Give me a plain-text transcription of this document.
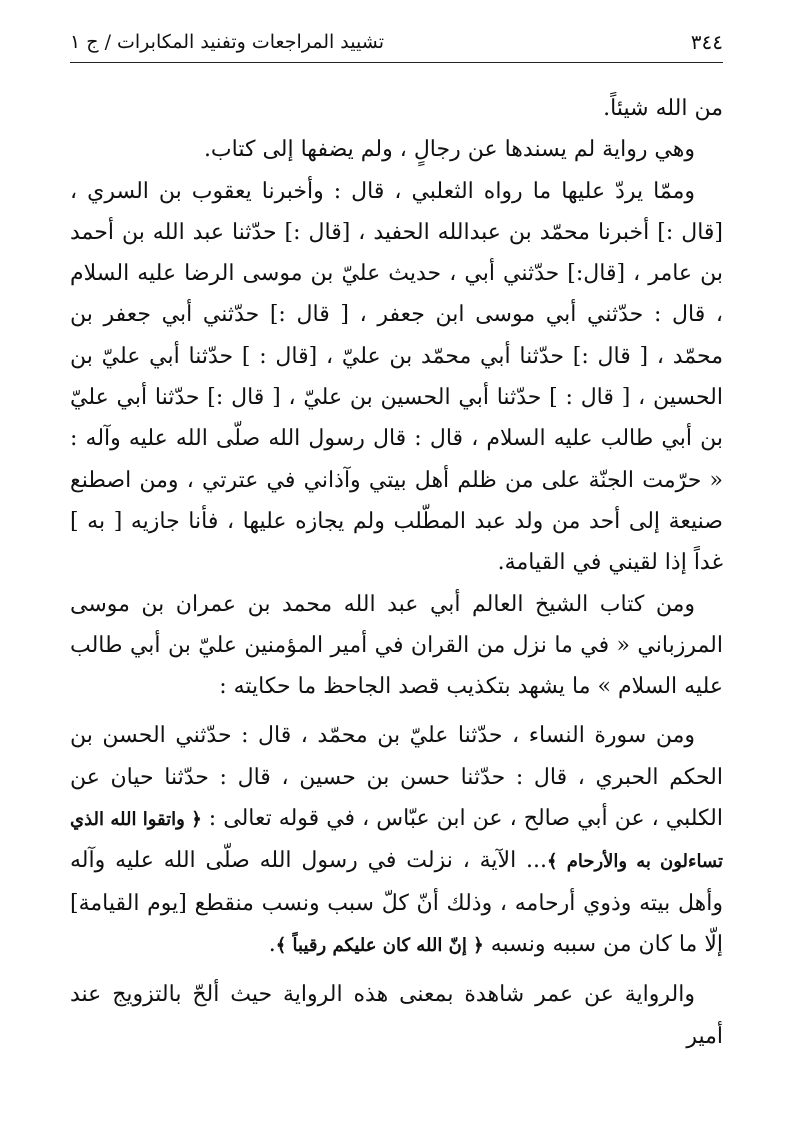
٣٤٤
تشييد المراجعات وتفنيد المكابرات / ج ١

من الله شيئاً.

وهي رواية لم يسندها عن رجالٍ ، ولم يضفها إلى كتاب.

وممّا يردّ عليها ما رواه الثعلبي ، قال : وأخبرنا يعقوب بن السري ، [قال :] أخبرنا محمّد بن عبدالله الحفيد ، [قال :] حدّثنا عبد الله بن أحمد بن عامر ، [قال:] حدّثني أبي ، حديث عليّ بن موسى الرضا عليه السلام ، قال : حدّثني أبي موسى ابن جعفر ، [ قال :] حدّثني أبي جعفر بن محمّد ، [ قال :] حدّثنا أبي محمّد بن عليّ ، [قال : ] حدّثنا أبي عليّ بن الحسين ، [ قال : ] حدّثنا أبي الحسين بن عليّ ، [ قال :] حدّثنا أبي عليّ بن أبي طالب عليه السلام ، قال : قال رسول الله صلّى الله عليه وآله : « حرّمت الجنّة على من ظلم أهل بيتي وآذاني في عترتي ، ومن اصطنع صنيعة إلى أحد من ولد عبد المطّلب ولم يجازه عليها ، فأنا جازيه [ به ] غداً إذا لقيني في القيامة.

ومن كتاب الشيخ العالم أبي عبد الله محمد بن عمران بن موسى المرزباني « في ما نزل من القران في أمير المؤمنين عليّ بن أبي طالب عليه السلام » ما يشهد بتكذيب قصد الجاحظ ما حكايته :

ومن سورة النساء ، حدّثنا عليّ بن محمّد ، قال : حدّثني الحسن بن الحكم الحبري ، قال : حدّثنا حسن بن حسين ، قال : حدّثنا حيان عن الكلبي ، عن أبي صالح ، عن ابن عبّاس ، في قوله تعالى : ﴿ واتقوا الله الذي تساءلون به والأرحام ﴾... الآية ، نزلت في رسول الله صلّى الله عليه وآله وأهل بيته وذوي أرحامه ، وذلك أنّ كلّ سبب ونسب منقطع [يوم القيامة] إلّا ما كان من سببه ونسبه ﴿ إنّ الله كان عليكم رقيباً ﴾.

والرواية عن عمر شاهدة بمعنى هذه الرواية حيث ألحّ بالتزويج عند أمير
